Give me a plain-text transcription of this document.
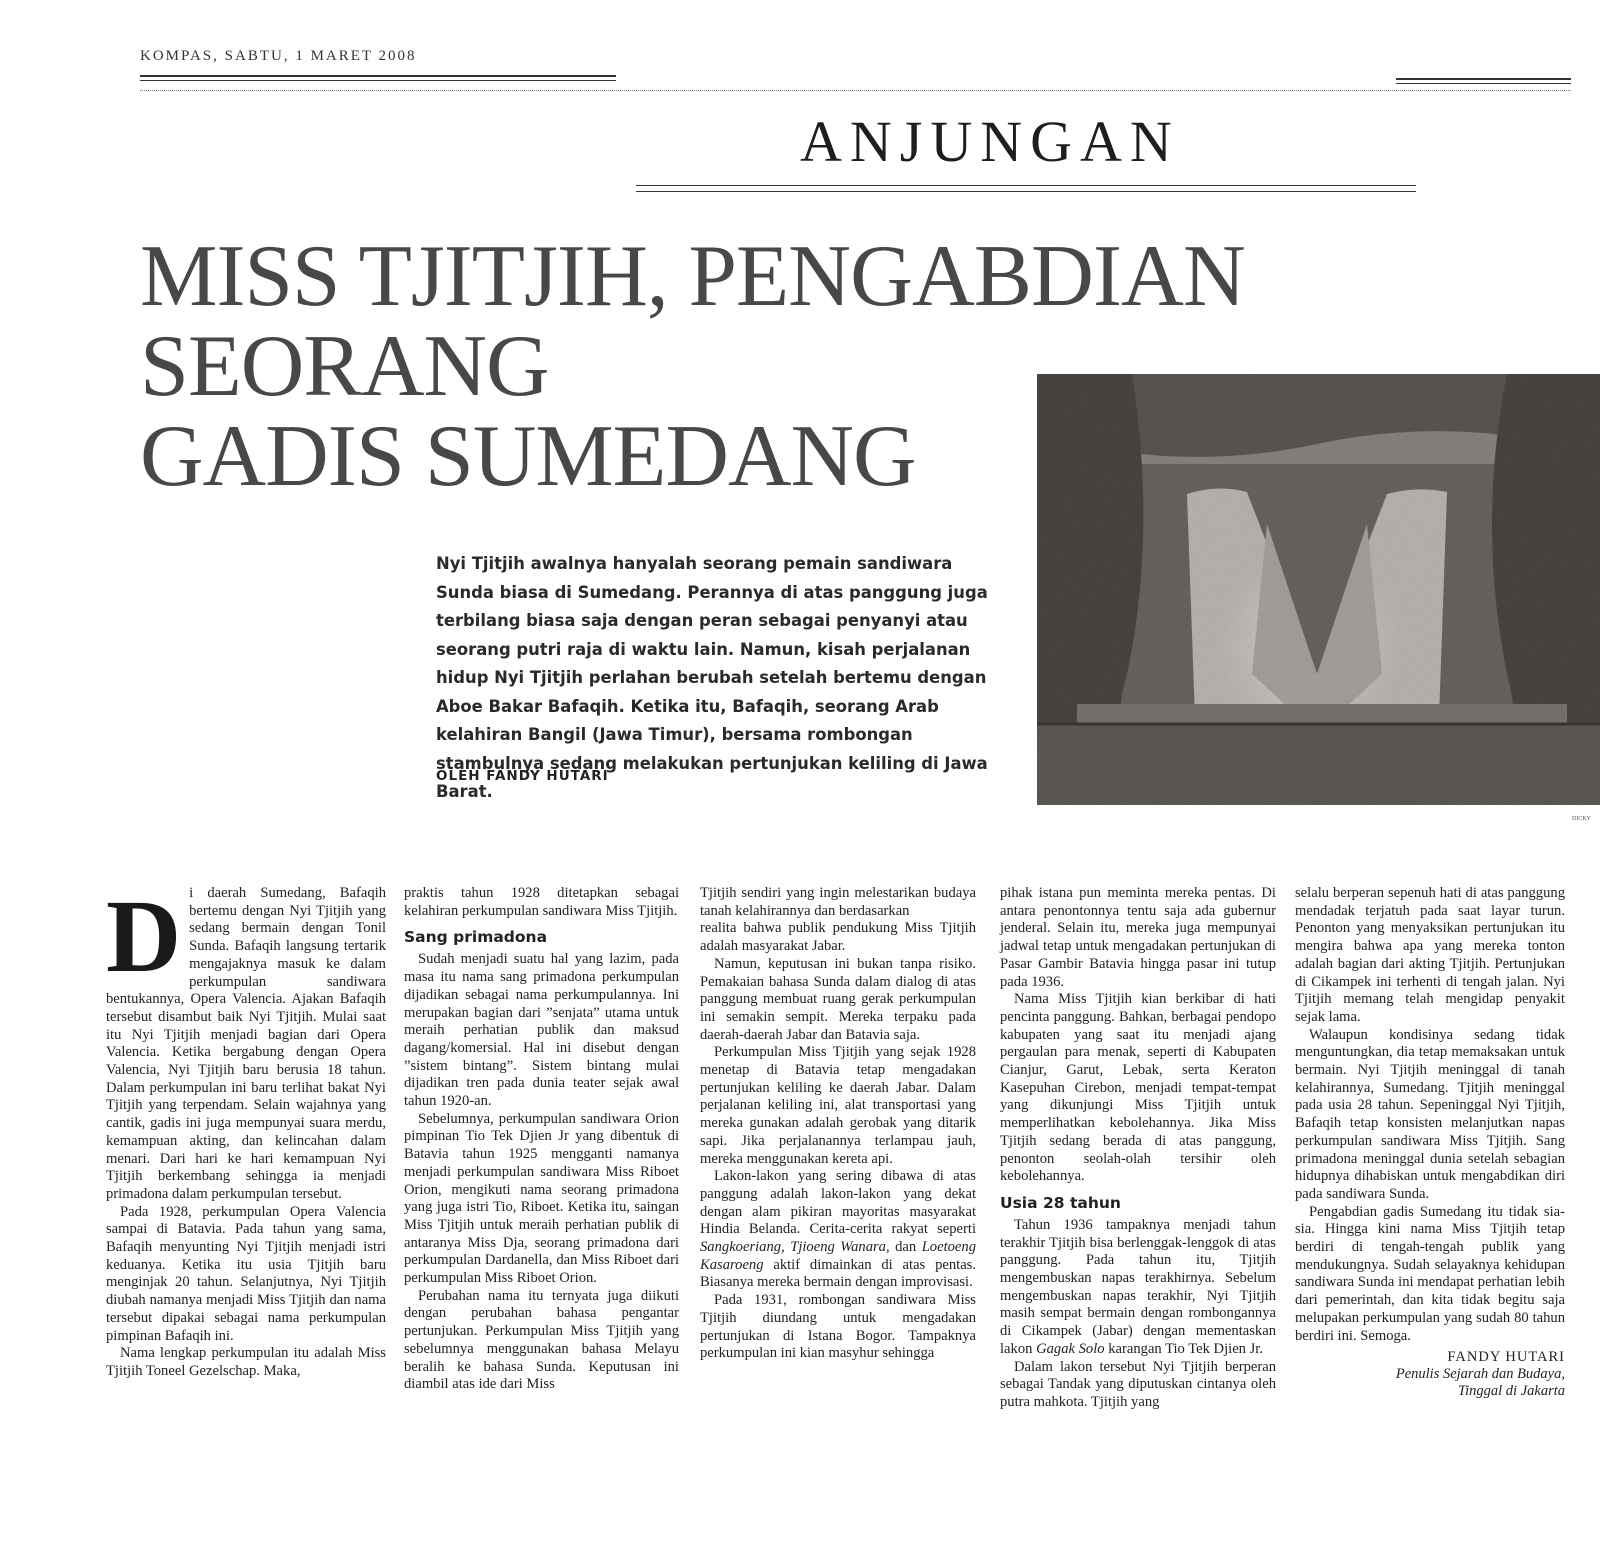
KOMPAS, SABTU, 1 MARET 2008
ANJUNGAN
MISS TJITJIH, PENGABDIAN
SEORANG
GADIS SUMEDANG
DICKY
Nyi Tjitjih awalnya hanyalah seorang pemain sandiwara Sunda biasa di Sumedang. Perannya di atas panggung juga terbilang biasa saja dengan peran sebagai penyanyi atau seorang putri raja di waktu lain. Namun, kisah perjalanan hidup Nyi Tjitjih perlahan berubah setelah bertemu dengan Aboe Bakar Bafaqih. Ketika itu, Bafaqih, seorang Arab kelahiran Bangil (Jawa Timur), bersama rombongan stambulnya sedang melakukan pertunjukan keliling di Jawa Barat.
OLEH FANDY HUTARI
D i daerah Sumedang, Bafaqih bertemu dengan Nyi Tjitjih yang sedang bermain dengan Tonil Sunda. Bafaqih langsung tertarik mengajaknya masuk ke dalam perkumpulan sandiwara bentukannya, Opera Valencia. Ajakan Bafaqih tersebut disambut baik Nyi Tjitjih. Mulai saat itu Nyi Tjitjih menjadi bagian dari Opera Valencia. Ketika bergabung dengan Opera Valencia, Nyi Tjitjih baru berusia 18 tahun. Dalam perkumpulan ini baru terlihat bakat Nyi Tjitjih yang terpendam. Selain wajahnya yang cantik, gadis ini juga mempunyai suara merdu, kemampuan akting, dan kelincahan dalam menari. Dari hari ke hari kemampuan Nyi Tjitjih berkembang sehingga ia menjadi primadona dalam perkumpulan tersebut.

Pada 1928, perkumpulan Opera Valencia sampai di Batavia. Pada tahun yang sama, Bafaqih menyunting Nyi Tjitjih menjadi istri keduanya. Ketika itu usia Tjitjih baru menginjak 20 tahun. Selanjutnya, Nyi Tjitjih diubah namanya menjadi Miss Tjitjih dan nama tersebut dipakai sebagai nama perkumpulan pimpinan Bafaqih ini.

Nama lengkap perkumpulan itu adalah Miss Tjitjih Toneel Gezelschap. Maka,

praktis tahun 1928 ditetapkan sebagai kelahiran perkumpulan sandiwara Miss Tjitjih.

Sang primadona

Sudah menjadi suatu hal yang lazim, pada masa itu nama sang primadona perkumpulan dijadikan sebagai nama perkumpulannya. Ini merupakan bagian dari ”senjata” utama untuk meraih perhatian publik dan maksud dagang/komersial. Hal ini disebut dengan ”sistem bintang”. Sistem bintang mulai dijadikan tren pada dunia teater sejak awal tahun 1920-an.

Sebelumnya, perkumpulan sandiwara Orion pimpinan Tio Tek Djien Jr yang dibentuk di Batavia tahun 1925 mengganti namanya menjadi perkumpulan sandiwara Miss Riboet Orion, mengikuti nama seorang primadona yang juga istri Tio, Riboet. Ketika itu, saingan Miss Tjitjih untuk meraih perhatian publik di antaranya Miss Dja, seorang primadona dari perkumpulan Dardanella, dan Miss Riboet dari perkumpulan Miss Riboet Orion.

Perubahan nama itu ternyata juga diikuti dengan perubahan bahasa pengantar pertunjukan. Perkumpulan Miss Tjitjih yang sebelumnya menggunakan bahasa Melayu beralih ke bahasa Sunda. Keputusan ini diambil atas ide dari Miss

Tjitjih sendiri yang ingin melestarikan budaya tanah kelahirannya dan berdasarkan

realita bahwa publik pendukung Miss Tjitjih adalah masyarakat Jabar.

Namun, keputusan ini bukan tanpa risiko. Pemakaian bahasa Sunda dalam dialog di atas panggung membuat ruang gerak perkumpulan ini semakin sempit. Mereka terpaku pada daerah-daerah Jabar dan Batavia saja.

Perkumpulan Miss Tjitjih yang sejak 1928 menetap di Batavia tetap mengadakan pertunjukan keliling ke daerah Jabar. Dalam perjalanan keliling ini, alat transportasi yang mereka gunakan adalah gerobak yang ditarik sapi. Jika perjalanannya terlampau jauh, mereka menggunakan kereta api.

Lakon-lakon yang sering dibawa di atas panggung adalah lakon-lakon yang dekat dengan alam pikiran mayoritas masyarakat Hindia Belanda. Cerita-cerita rakyat seperti Sangkoeriang, Tjioeng Wanara, dan Loetoeng Kasaroeng aktif dimainkan di atas pentas. Biasanya mereka bermain dengan improvisasi.

Pada 1931, rombongan sandiwara Miss Tjitjih diundang untuk mengadakan pertunjukan di Istana Bogor. Tampaknya perkumpulan ini kian masyhur sehingga

pihak istana pun meminta mereka pentas. Di antara penontonnya tentu saja ada gubernur jenderal. Selain itu, mereka juga mempunyai jadwal tetap untuk mengadakan pertunjukan di Pasar Gambir Batavia hingga pasar ini tutup pada 1936.

Nama Miss Tjitjih kian berkibar di hati pencinta panggung. Bahkan, berbagai pendopo kabupaten yang saat itu menjadi ajang pergaulan para menak, seperti di Kabupaten Cianjur, Garut, Lebak, serta Keraton Kasepuhan Cirebon, menjadi tempat-tempat yang dikunjungi Miss Tjitjih untuk memperlihatkan kebolehannya. Jika Miss Tjitjih sedang berada di atas panggung, penonton seolah-olah tersihir oleh kebolehannya.

Usia 28 tahun

Tahun 1936 tampaknya menjadi tahun terakhir Tjitjih bisa berlenggak-lenggok di atas panggung. Pada tahun itu, Tjitjih mengembuskan napas terakhirnya. Sebelum mengembuskan napas terakhir, Nyi Tjitjih masih sempat bermain dengan rombongannya di Cikampek (Jabar) dengan mementaskan lakon Gagak Solo karangan Tio Tek Djien Jr.

Dalam lakon tersebut Nyi Tjitjih berperan sebagai Tandak yang diputuskan cintanya oleh putra mahkota. Tjitjih yang

selalu berperan sepenuh hati di atas panggung mendadak terjatuh pada saat layar turun. Penonton yang menyaksikan pertunjukan itu mengira bahwa apa yang mereka tonton adalah bagian dari akting Tjitjih. Pertunjukan di Cikampek ini terhenti di tengah jalan. Nyi Tjitjih memang telah mengidap penyakit sejak lama.

Walaupun kondisinya sedang tidak menguntungkan, dia tetap memaksakan untuk bermain. Nyi Tjitjih meninggal di tanah kelahirannya, Sumedang. Tjitjih meninggal pada usia 28 tahun. Sepeninggal Nyi Tjitjih, Bafaqih tetap konsisten melanjutkan napas perkumpulan sandiwara Miss Tjitjih. Sang primadona meninggal dunia setelah sebagian hidupnya dihabiskan untuk mengabdikan diri pada sandiwara Sunda.

Pengabdian gadis Sumedang itu tidak sia-sia. Hingga kini nama Miss Tjitjih tetap berdiri di tengah-tengah publik yang mendukungnya. Sudah selayaknya kehidupan sandiwara Sunda ini mendapat perhatian lebih dari pemerintah, dan kita tidak begitu saja melupakan perkumpulan yang sudah 80 tahun berdiri ini. Semoga.

FANDY HUTARI
Penulis Sejarah dan Budaya,
Tinggal di Jakarta
